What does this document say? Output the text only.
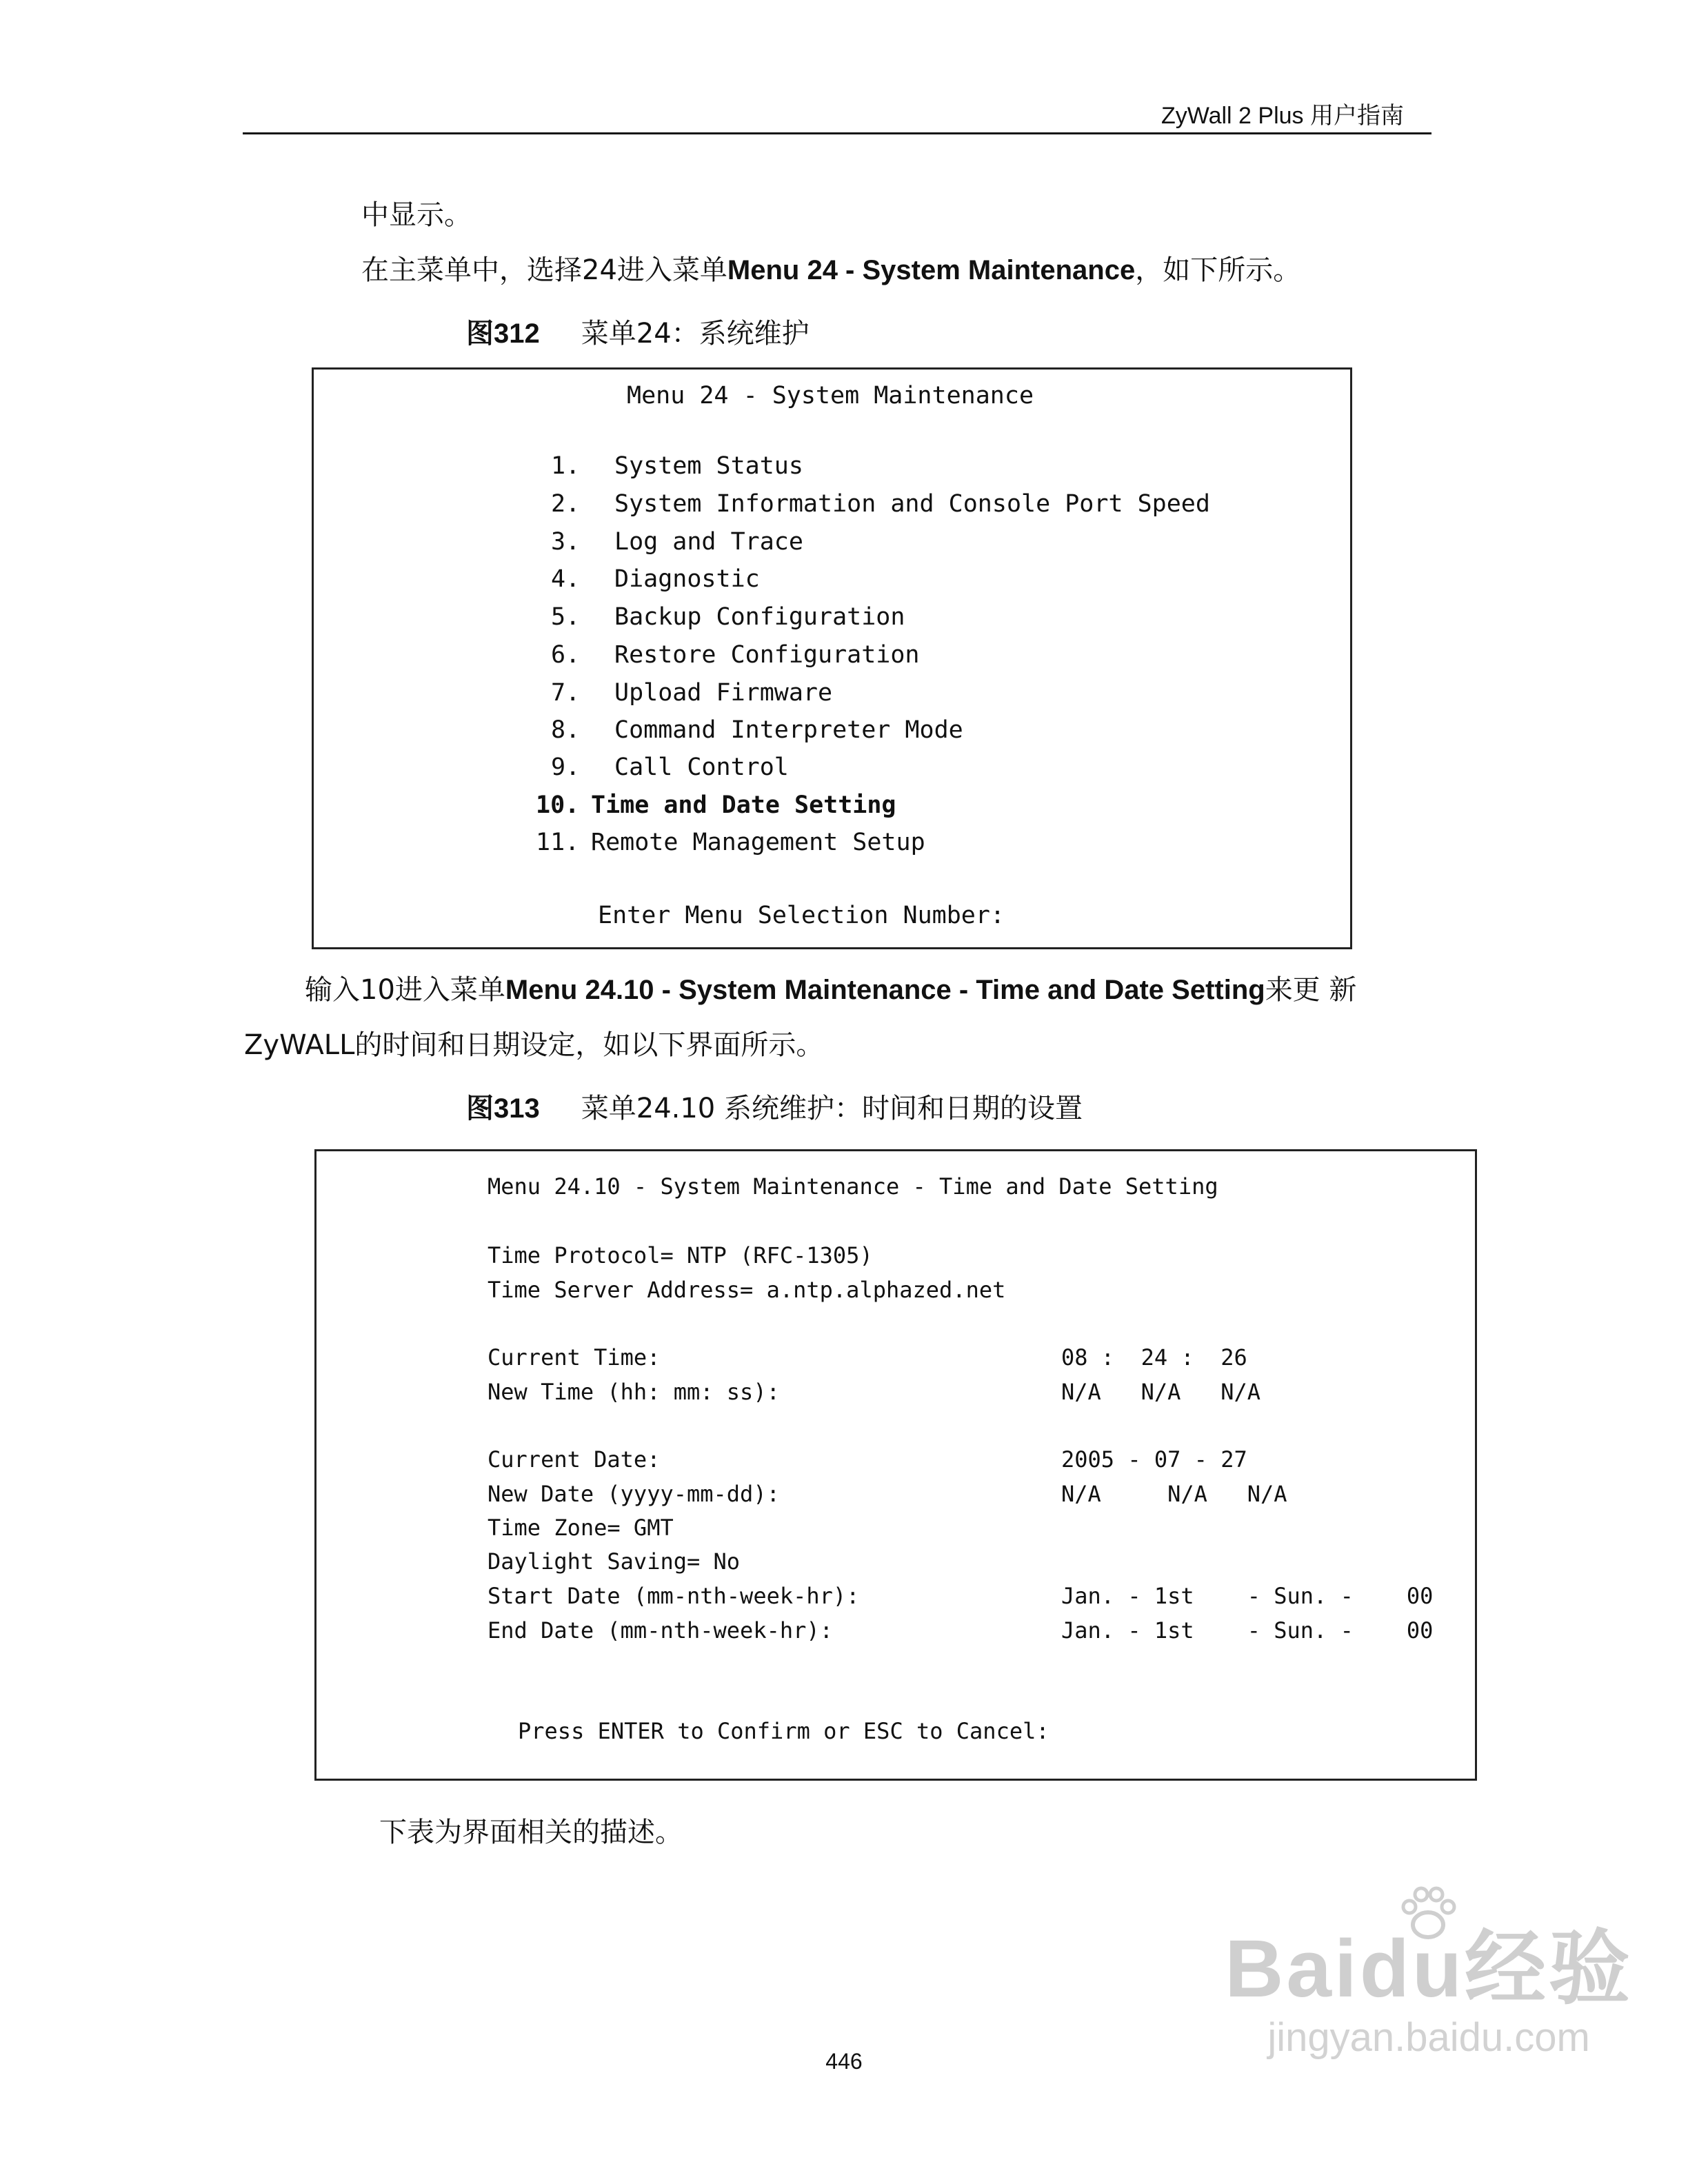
ZyWall 2 Plus 用户指南
中显示。
在主菜单中，选择24进入菜单Menu 24 - System Maintenance，如下所示。
图312 菜单24：系统维护
Menu 24 - System Maintenance
1. System Status
2. System Information and Console Port Speed
3. Log and Trace
4. Diagnostic
5. Backup Configuration
6. Restore Configuration
7. Upload Firmware
8. Command Interpreter Mode
9. Call Control
10. Time and Date Setting
11. Remote Management Setup
Enter Menu Selection Number:
输入10进入菜单Menu 24.10 - System Maintenance - Time and Date Setting来更 新
ZyWALL的时间和日期设定，如以下界面所示。
图313 菜单24.10 系统维护：时间和日期的设置
Menu 24.10 - System Maintenance - Time and Date Setting
Time Protocol= NTP (RFC-1305)
Time Server Address= a.ntp.alphazed.net
Current Time:	08 :  24 :  26
New Time (hh: mm: ss):	N/A   N/A   N/A
Current Date:	2005 - 07 - 27
New Date (yyyy-mm-dd):	N/A     N/A   N/A
Time Zone= GMT
Daylight Saving= No
Start Date (mm-nth-week-hr):	Jan. - 1st    - Sun. -    00
End Date (mm-nth-week-hr):	Jan. - 1st    - Sun. -    00
Press ENTER to Confirm or ESC to Cancel:
下表为界面相关的描述。
Baidu经验
jingyan.baidu.com
446
